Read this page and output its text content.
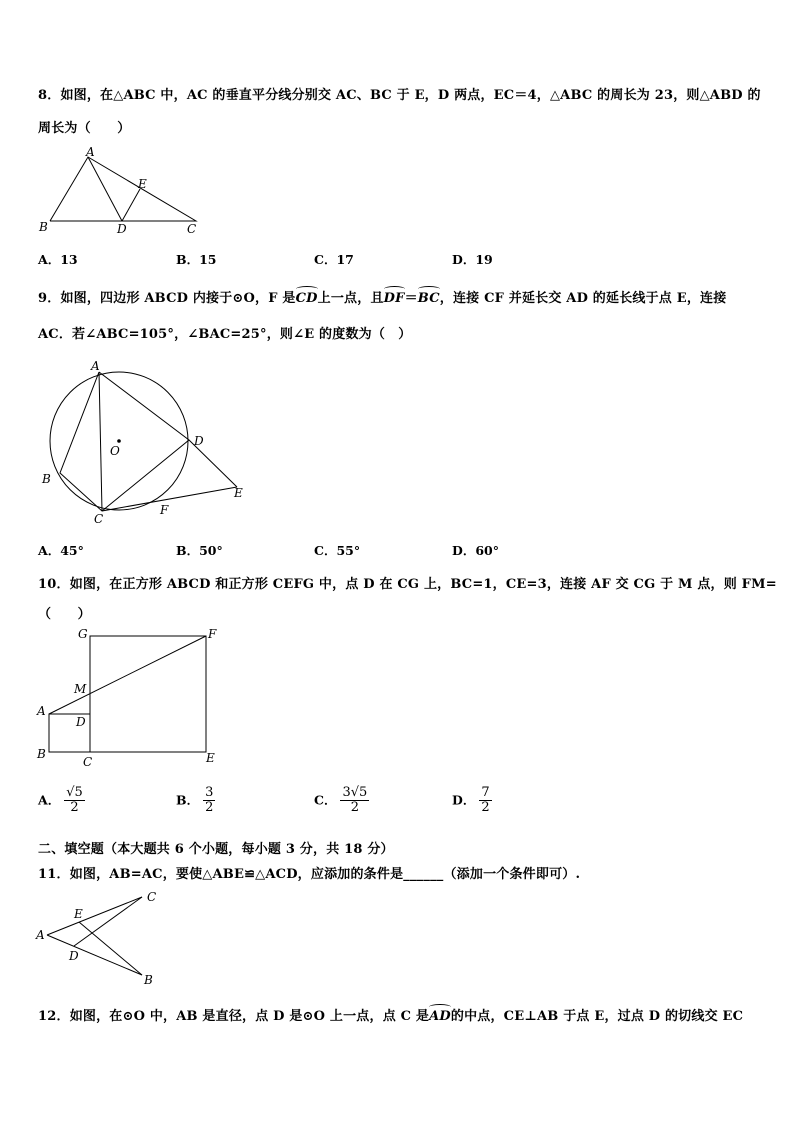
8．如图，在△ABC 中，AC 的垂直平分线分别交 AC、BC 于 E，D 两点，EC＝4，△ABC 的周长为 23，则△ABD 的
周长为（　　）
A
B	D	C
E
A．13	B．15	C．17	D．19
9．如图，四边形 ABCD 内接于⊙O，F 是CD上一点，且DF＝BC，连接 CF 并延长交 AD 的延长线于点 E，连接
AC．若∠ABC=105°，∠BAC=25°，则∠E 的度数为（　）
A
B
C
D
E
F
O
A．45°	B．50°	C．55°	D．60°
10．如图，在正方形 ABCD 和正方形 CEFG 中，点 D 在 CG 上，BC=1，CE=3，连接 AF 交 CG 于 M 点，则 FM=
（　　）
G	F
M
A
D
B
C	E
A． $\frac{√5}{2}$	B． $\frac{3}{2}$	C． $\frac{3√5}{2}$	D． $\frac{7}{2}$
二、填空题（本大题共 6 个小题，每小题 3 分，共 18 分）
11．如图，AB=AC，要使△ABE≌△ACD，应添加的条件是______（添加一个条件即可）.
A
E
D
C
B
12．如图，在⊙O 中，AB 是直径，点 D 是⊙O 上一点，点 C 是AD的中点，CE⊥AB 于点 E，过点 D 的切线交 EC
